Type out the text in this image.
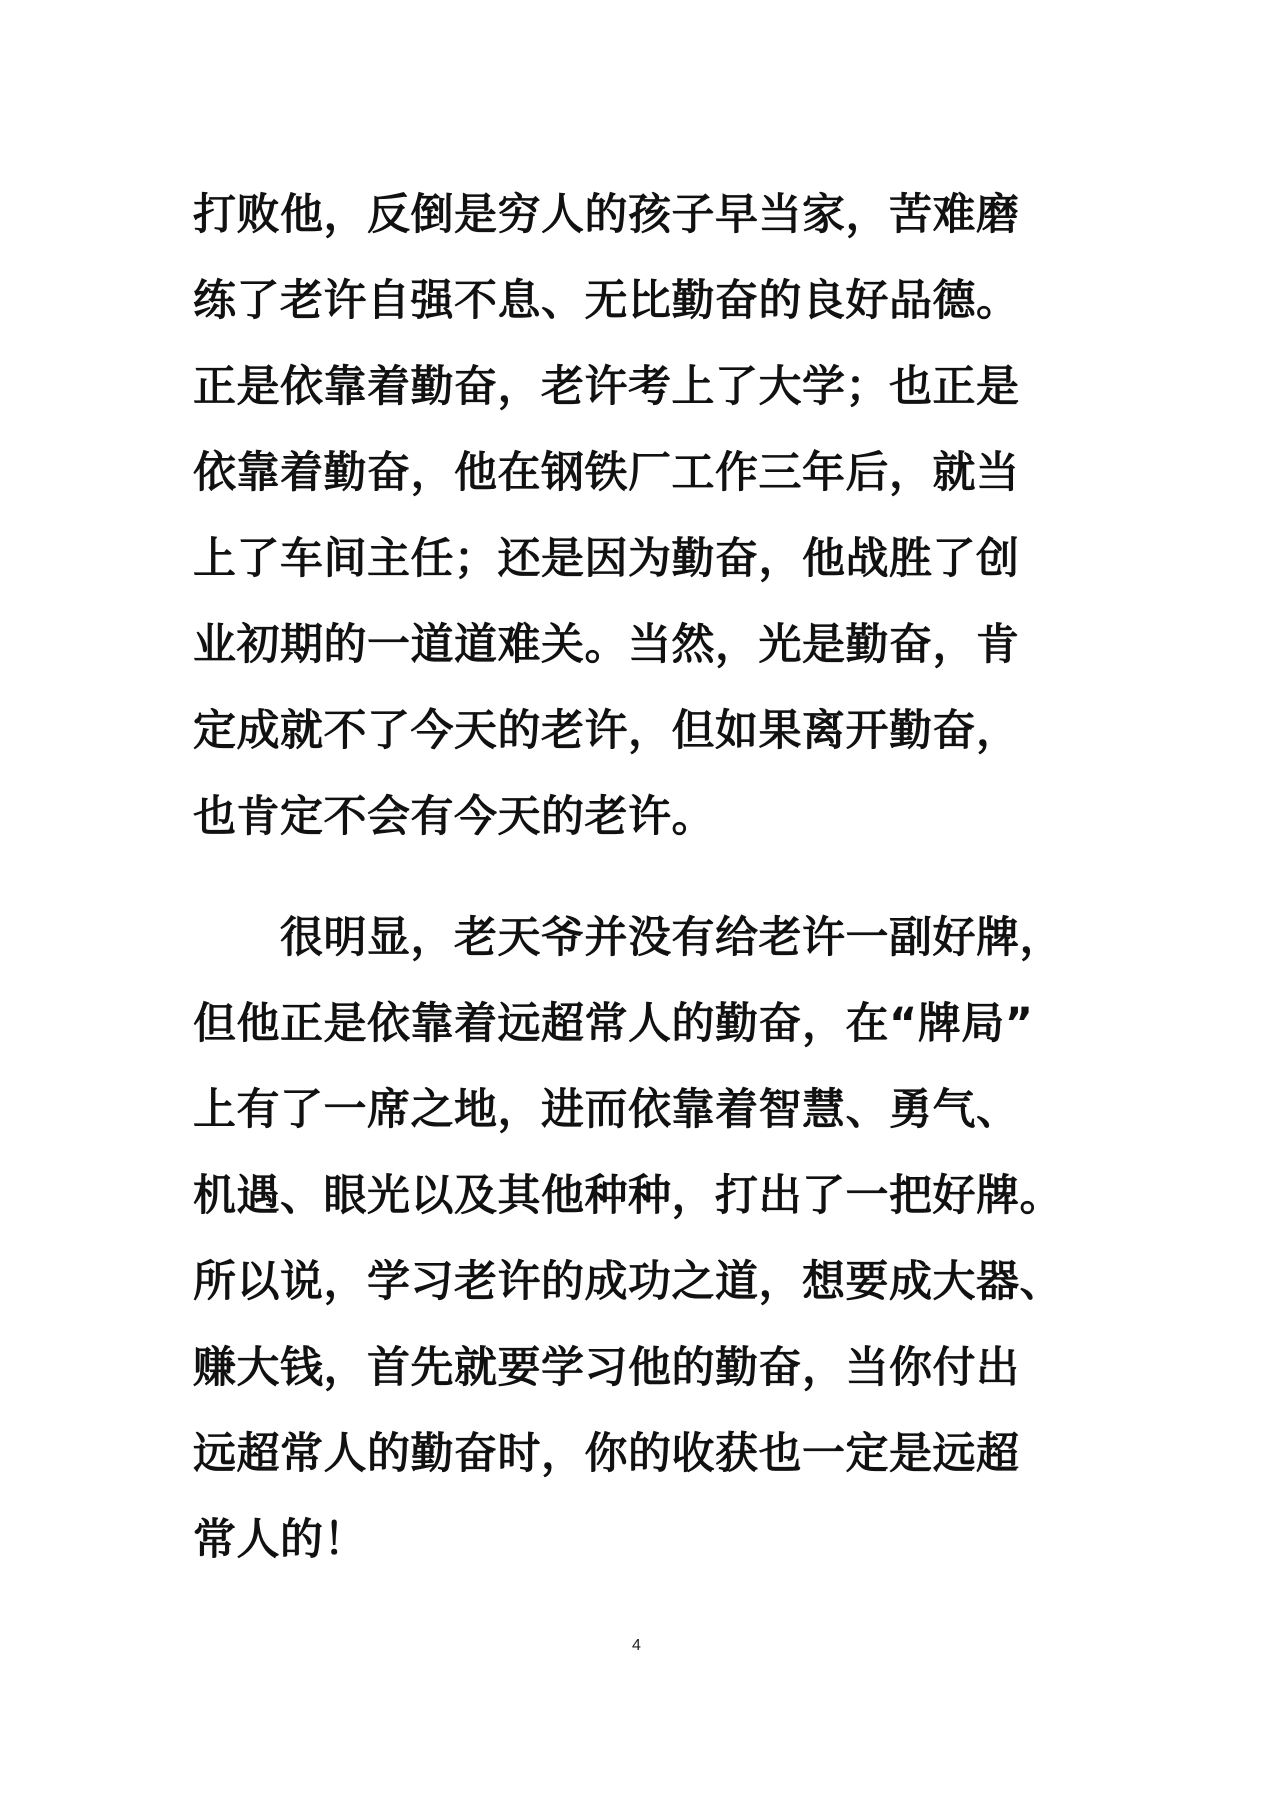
打败他，反倒是穷人的孩子早当家，苦难磨
练了老许自强不息、无比勤奋的良好品德。
正是依靠着勤奋，老许考上了大学；也正是
依靠着勤奋，他在钢铁厂工作三年后，就当
上了车间主任；还是因为勤奋，他战胜了创
业初期的一道道难关。当然，光是勤奋，肯
定成就不了今天的老许，但如果离开勤奋，
也肯定不会有今天的老许。
　　很明显，老天爷并没有给老许一副好牌，
但他正是依靠着远超常人的勤奋，在“牌局”
上有了一席之地，进而依靠着智慧、勇气、
机遇、眼光以及其他种种，打出了一把好牌。
所以说，学习老许的成功之道，想要成大器、
赚大钱，首先就要学习他的勤奋，当你付出
远超常人的勤奋时，你的收获也一定是远超
常人的！
4
